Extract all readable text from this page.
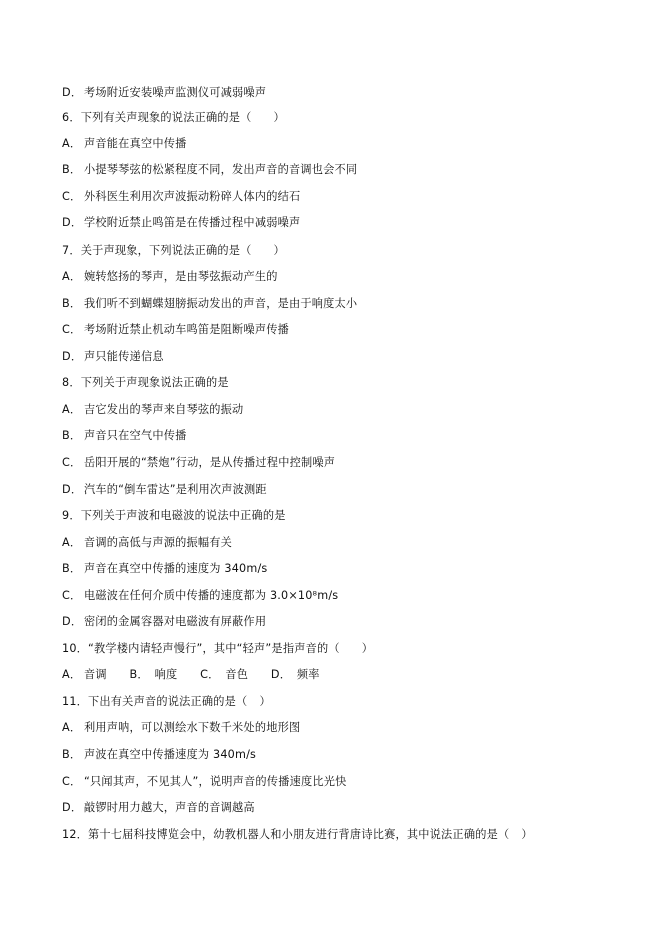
D． 考场附近安装噪声监测仪可减弱噪声
6．下列有关声现象的说法正确的是（ ）
A． 声音能在真空中传播
B． 小提琴琴弦的松紧程度不同，发出声音的音调也会不同
C． 外科医生利用次声波振动粉碎人体内的结石
D． 学校附近禁止鸣笛是在传播过程中减弱噪声
7．关于声现象，下列说法正确的是（ ）
A． 婉转悠扬的琴声，是由琴弦振动产生的
B． 我们听不到蝴蝶翅膀振动发出的声音，是由于响度太小
C． 考场附近禁止机动车鸣笛是阻断噪声传播
D． 声只能传递信息
8．下列关于声现象说法正确的是
A． 吉它发出的琴声来自琴弦的振动
B． 声音只在空气中传播
C． 岳阳开展的“禁炮”行动，是从传播过程中控制噪声
D． 汽车的“倒车雷达”是利用次声波测距
9．下列关于声波和电磁波的说法中正确的是
A． 音调的高低与声源的振幅有关
B． 声音在真空中传播的速度为 340m/s
C． 电磁波在任何介质中传播的速度都为 3.0×10⁸m/s
D． 密闭的金属容器对电磁波有屏蔽作用
10．“教学楼内请轻声慢行”，其中“轻声”是指声音的（ ）
A． 音调　　B．　响度　　C．　音色　　D．　频率
11．下出有关声音的说法正确的是（ ）
A． 利用声呐，可以测绘水下数千米处的地形图
B． 声波在真空中传播速度为 340m/s
C． “只闻其声，不见其人”，说明声音的传播速度比光快
D． 敲锣时用力越大，声音的音调越高
12．第十七届科技博览会中，幼教机器人和小朋友进行背唐诗比赛，其中说法正确的是（ ）
